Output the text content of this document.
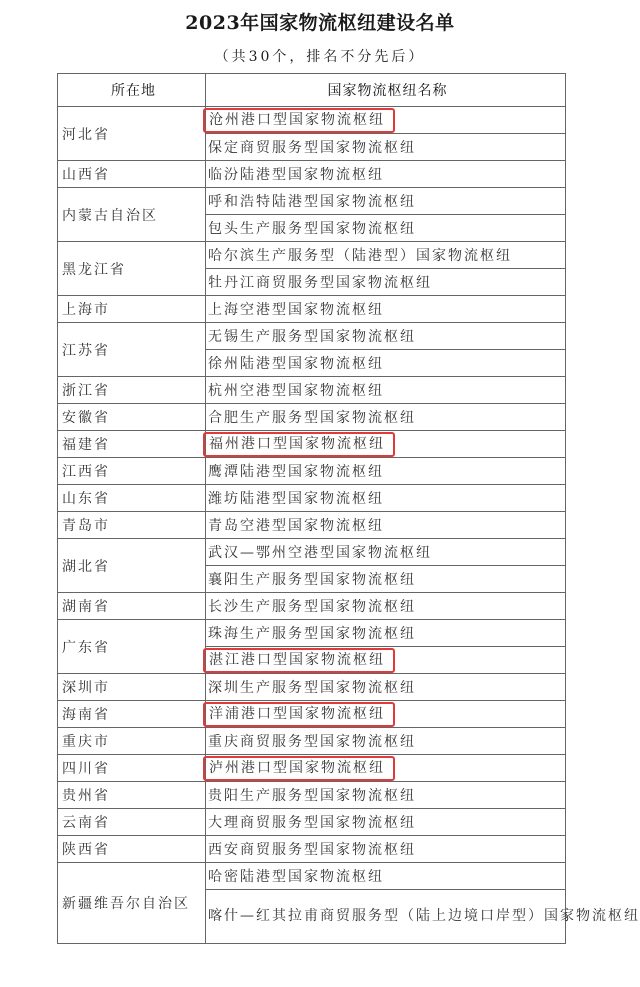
2023年国家物流枢纽建设名单
（共30个，排名不分先后）
所在地	国家物流枢纽名称
河北省	沧州港口型国家物流枢纽
	保定商贸服务型国家物流枢纽
山西省	临汾陆港型国家物流枢纽
内蒙古自治区	呼和浩特陆港型国家物流枢纽
	包头生产服务型国家物流枢纽
黑龙江省	哈尔滨生产服务型（陆港型）国家物流枢纽
	牡丹江商贸服务型国家物流枢纽
上海市	上海空港型国家物流枢纽
江苏省	无锡生产服务型国家物流枢纽
	徐州陆港型国家物流枢纽
浙江省	杭州空港型国家物流枢纽
安徽省	合肥生产服务型国家物流枢纽
福建省	福州港口型国家物流枢纽
江西省	鹰潭陆港型国家物流枢纽
山东省	潍坊陆港型国家物流枢纽
青岛市	青岛空港型国家物流枢纽
湖北省	武汉—鄂州空港型国家物流枢纽
	襄阳生产服务型国家物流枢纽
湖南省	长沙生产服务型国家物流枢纽
广东省	珠海生产服务型国家物流枢纽
	湛江港口型国家物流枢纽
深圳市	深圳生产服务型国家物流枢纽
海南省	洋浦港口型国家物流枢纽
重庆市	重庆商贸服务型国家物流枢纽
四川省	泸州港口型国家物流枢纽
贵州省	贵阳生产服务型国家物流枢纽
云南省	大理商贸服务型国家物流枢纽
陕西省	西安商贸服务型国家物流枢纽
新疆维吾尔自治区	哈密陆港型国家物流枢纽
	喀什—红其拉甫商贸服务型（陆上边境口岸型）国家物流枢纽
